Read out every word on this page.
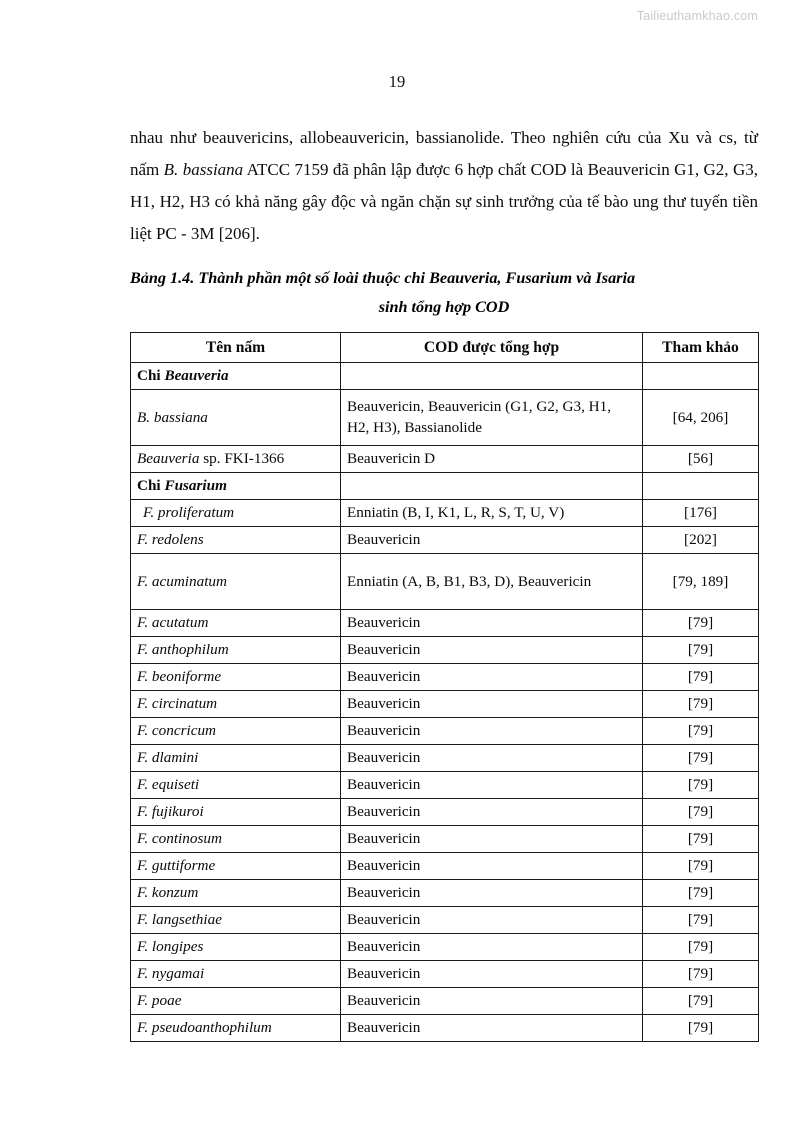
Tailieuthamkhao.com
19

nhau như beauvericins, allobeauvericin, bassianolide. Theo nghiên cứu của Xu và cs, từ nấm B. bassiana ATCC 7159 đã phân lập được 6 hợp chất COD là Beauvericin G1, G2, G3, H1, H2, H3 có khả năng gây độc và ngăn chặn sự sinh trưởng của tế bào ung thư tuyến tiền liệt PC - 3M [206].

Bảng 1.4. Thành phần một số loài thuộc chi Beauveria, Fusarium và Isaria
sinh tổng hợp COD
Tên nấm	COD được tổng hợp	Tham khảo
Chi Beauveria		
B. bassiana	Beauvericin, Beauvericin (G1, G2, G3, H1, H2, H3), Bassianolide	[64, 206]
Beauveria sp. FKI-1366	Beauvericin D	[56]
Chi Fusarium		
F. proliferatum	Enniatin (B, I, K1, L, R, S, T, U, V)	[176]
F. redolens	Beauvericin	[202]
F. acuminatum	Enniatin (A, B, B1, B3, D), Beauvericin	[79, 189]
F. acutatum	Beauvericin	[79]
F. anthophilum	Beauvericin	[79]
F. beoniforme	Beauvericin	[79]
F. circinatum	Beauvericin	[79]
F. concricum	Beauvericin	[79]
F. dlamini	Beauvericin	[79]
F. equiseti	Beauvericin	[79]
F. fujikuroi	Beauvericin	[79]
F. continosum	Beauvericin	[79]
F. guttiforme	Beauvericin	[79]
F. konzum	Beauvericin	[79]
F. langsethiae	Beauvericin	[79]
F. longipes	Beauvericin	[79]
F. nygamai	Beauvericin	[79]
F. poae	Beauvericin	[79]
F. pseudoanthophilum	Beauvericin	[79]
